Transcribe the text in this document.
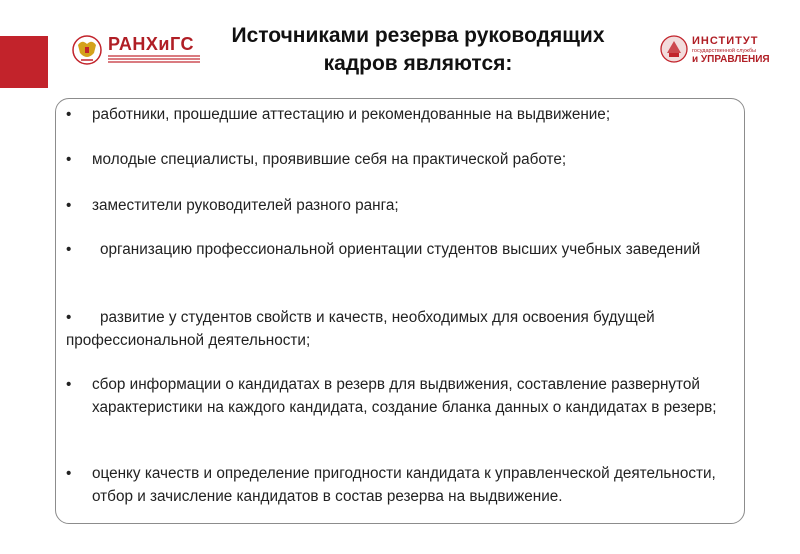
РАНХиГС	Источниками резерва руководящих
кадров являются:
ИНСТИТУТ
государственной службы
и УПРАВЛЕНИЯ
• работники, прошедшие аттестацию и рекомендованные на выдвижение;
• молодые специалисты, проявившие себя на практической работе;
• заместители руководителей разного ранга;
• организацию профессиональной ориентации студентов высших учебных заведений
• развитие у студентов свойств и качеств, необходимых для освоения будущей профессиональной деятельности;
• сбор информации о кандидатах в резерв для выдвижения, составление развернутой характеристики на каждого кандидата, создание бланка данных о кандидатах в резерв;
• оценку качеств и определение пригодности кандидата к управленческой деятельности, отбор и зачисление кандидатов в состав резерва на выдвижение.
